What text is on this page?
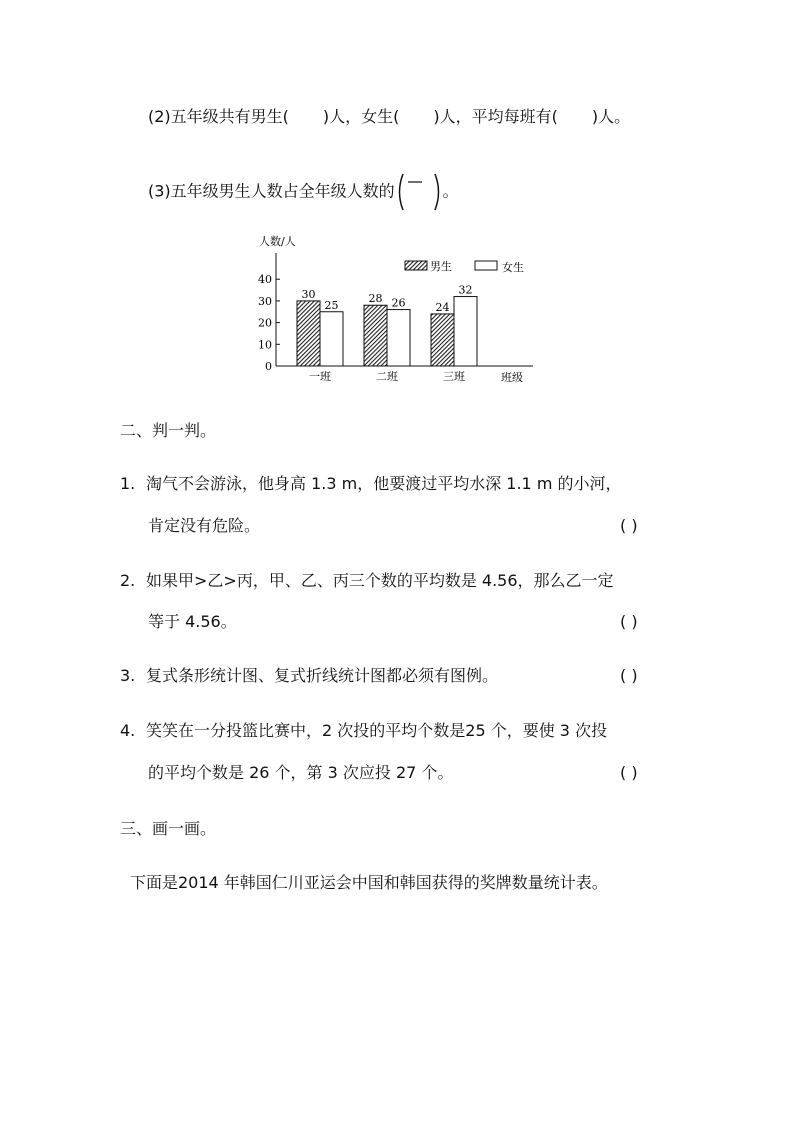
(2)五年级共有男生( )人，女生( )人，平均每班有( )人。
(3)五年级男生人数占全年级人数的	。
人数/人
0
10
20
30
40
30
25
一班
28 26
二班
24
32
三班	班级
男生	女生
二、判一判。
1. 淘气不会游泳，他身高 1.3 m，他要渡过平均水深 1.1 m 的小河，
肯定没有危险。	( )
2. 如果甲>乙>丙，甲、乙、丙三个数的平均数是 4.56，那么乙一定
等于 4.56。	( )
3. 复式条形统计图、复式折线统计图都必须有图例。	( )
4. 笑笑在一分投篮比赛中，2 次投的平均个数是25 个，要使 3 次投
的平均个数是 26 个，第 3 次应投 27 个。	( )
三、画一画。
下面是2014 年韩国仁川亚运会中国和韩国获得的奖牌数量统计表。
